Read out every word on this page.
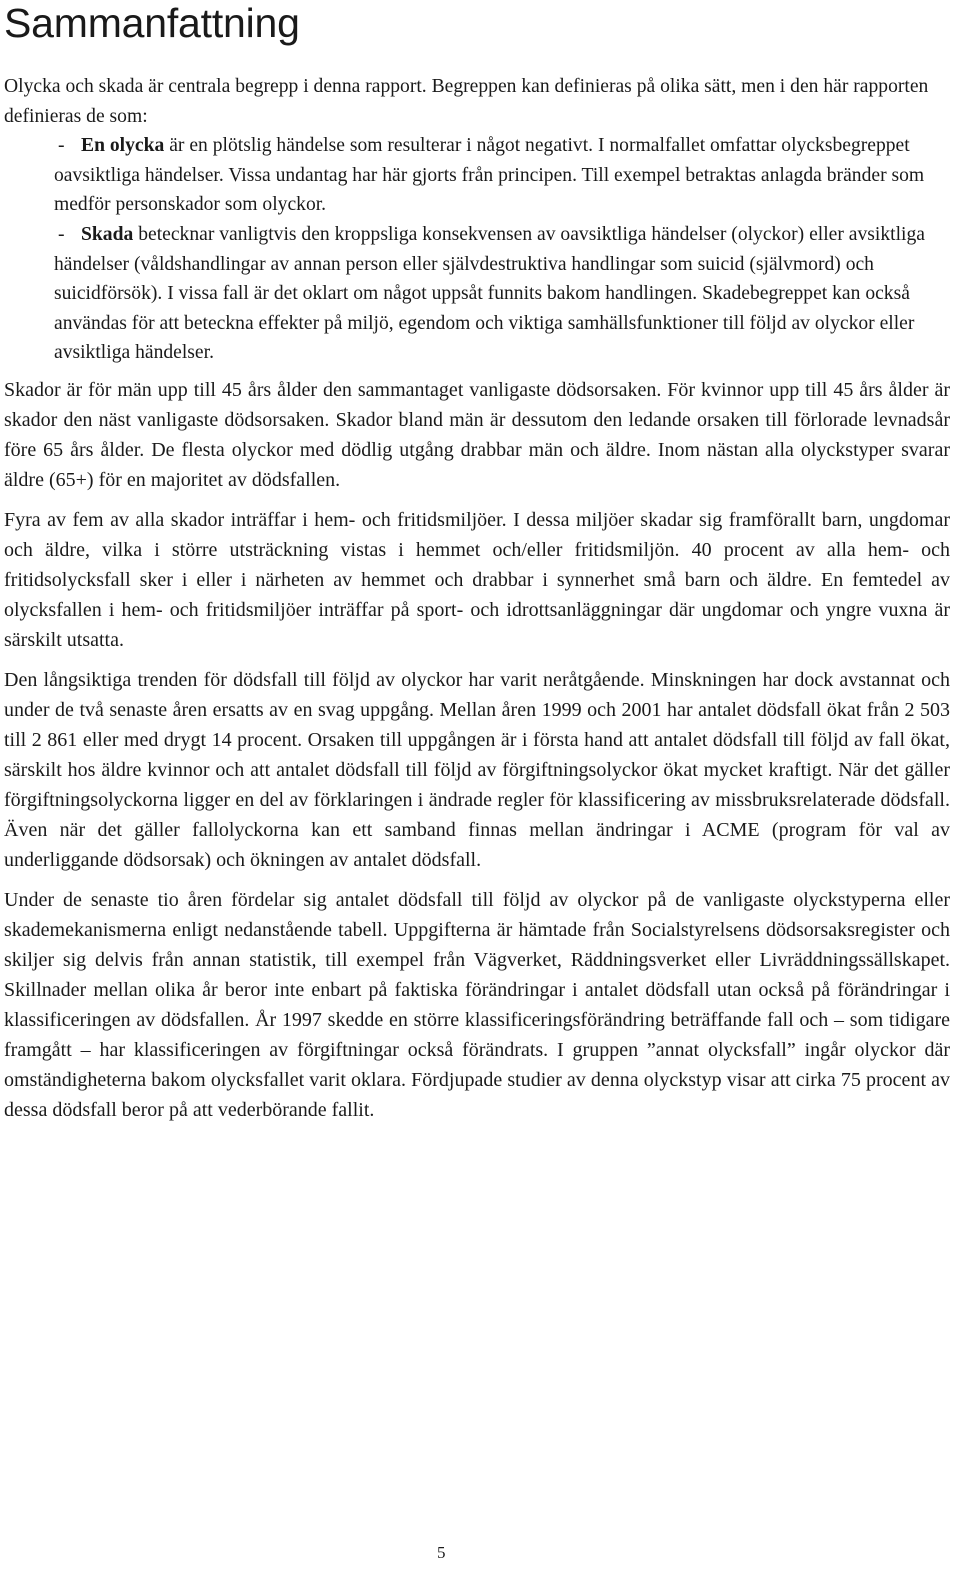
Sammanfattning

Olycka och skada är centrala begrepp i denna rapport. Begreppen kan definieras på olika sätt, men i den här rapporten definieras de som:

- En olycka är en plötslig händelse som resulterar i något negativt. I normalfallet omfattar olycksbegreppet oavsiktliga händelser. Vissa undantag har här gjorts från principen. Till exempel betraktas anlagda bränder som medför personskador som olyckor.
- Skada betecknar vanligtvis den kroppsliga konsekvensen av oavsiktliga händelser (olyckor) eller avsiktliga händelser (våldshandlingar av annan person eller självdestruktiva handlingar som suicid (självmord) och suicidförsök). I vissa fall är det oklart om något uppsåt funnits bakom handlingen. Skadebegreppet kan också användas för att beteckna effekter på miljö, egendom och viktiga samhällsfunktioner till följd av olyckor eller avsiktliga händelser.

Skador är för män upp till 45 års ålder den sammantaget vanligaste dödsorsaken. För kvinnor upp till 45 års ålder är skador den näst vanligaste dödsorsaken. Skador bland män är dessutom den ledande orsaken till förlorade levnadsår före 65 års ålder. De flesta olyckor med dödlig utgång drabbar män och äldre. Inom nästan alla olyckstyper svarar äldre (65+) för en majoritet av dödsfallen.

Fyra av fem av alla skador inträffar i hem- och fritidsmiljöer. I dessa miljöer skadar sig framförallt barn, ungdomar och äldre, vilka i större utsträckning vistas i hemmet och/eller fritidsmiljön. 40 procent av alla hem- och fritidsolycksfall sker i eller i närheten av hemmet och drabbar i synnerhet små barn och äldre. En femtedel av olycksfallen i hem- och fritidsmiljöer inträffar på sport- och idrottsanläggningar där ungdomar och yngre vuxna är särskilt utsatta.

Den långsiktiga trenden för dödsfall till följd av olyckor har varit neråtgående. Minskningen har dock avstannat och under de två senaste åren ersatts av en svag uppgång. Mellan åren 1999 och 2001 har antalet dödsfall ökat från 2 503 till 2 861 eller med drygt 14 procent. Orsaken till uppgången är i första hand att antalet dödsfall till följd av fall ökat, särskilt hos äldre kvinnor och att antalet dödsfall till följd av förgiftningsolyckor ökat mycket kraftigt. När det gäller förgiftningsolyckorna ligger en del av förklaringen i ändrade regler för klassificering av missbruksrelaterade dödsfall. Även när det gäller fallolyckorna kan ett samband finnas mellan ändringar i ACME (program för val av underliggande dödsorsak) och ökningen av antalet dödsfall.

Under de senaste tio åren fördelar sig antalet dödsfall till följd av olyckor på de vanligaste olyckstyperna eller skademekanismerna enligt nedanstående tabell. Uppgifterna är hämtade från Socialstyrelsens dödsorsaksregister och skiljer sig delvis från annan statistik, till exempel från Vägverket, Räddningsverket eller Livräddningssällskapet. Skillnader mellan olika år beror inte enbart på faktiska förändringar i antalet dödsfall utan också på förändringar i klassificeringen av dödsfallen. År 1997 skedde en större klassificeringsförändring beträffande fall och – som tidigare framgått – har klassificeringen av förgiftningar också förändrats. I gruppen ”annat olycksfall” ingår olyckor där omständigheterna bakom olycksfallet varit oklara. Fördjupade studier av denna olyckstyp visar att cirka 75 procent av dessa dödsfall beror på att vederbörande fallit.

5
